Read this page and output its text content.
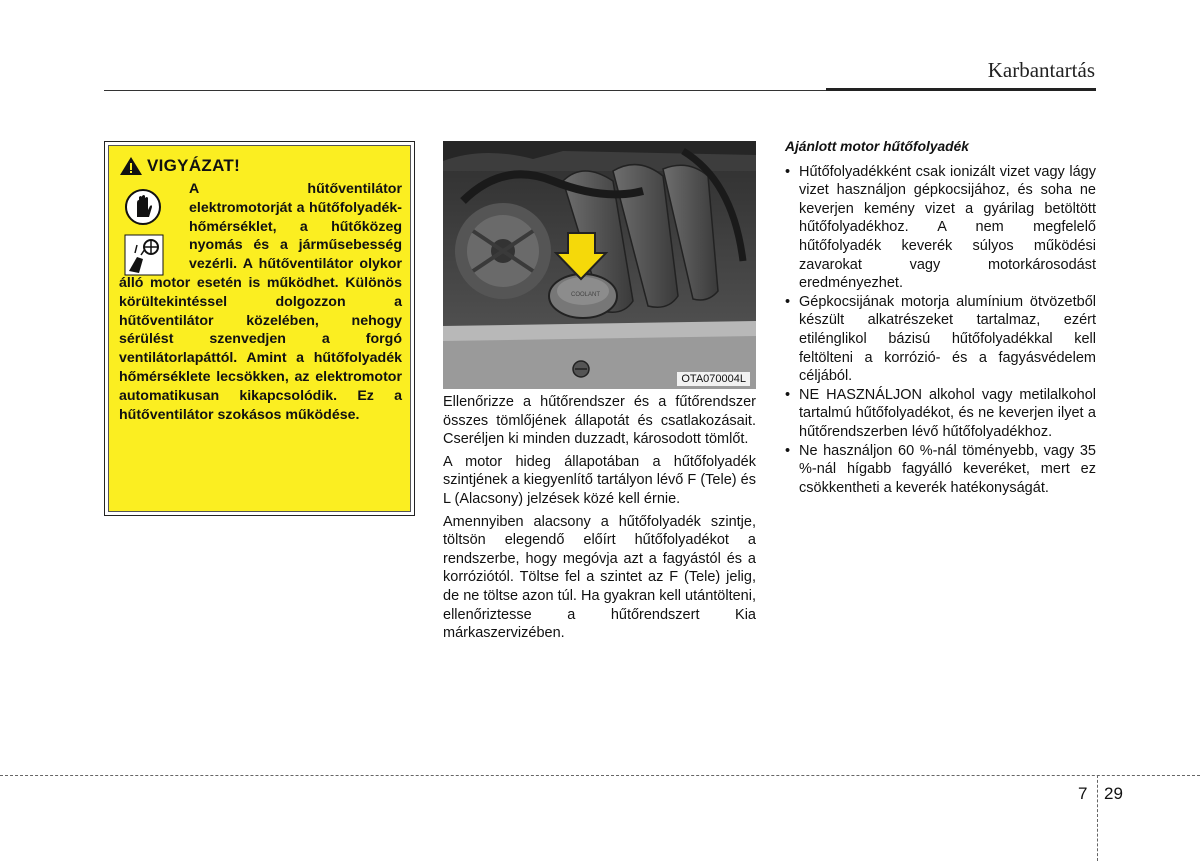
Karbantartás
VIGYÁZAT!

A hűtőventilátor elektromotorját a hűtőfolyadék-hőmérséklet, a hűtőközeg nyomás és a járműsebesség vezérli. A hűtőventilátor olykor álló motor esetén is működhet. Különös körültekintéssel dolgozzon a hűtőventilátor közelében, nehogy sérülést szenvedjen a forgó ventilátorlapáttól. Amint a hűtőfolyadék hőmérséklete lecsökken, az elektromotor automatikusan kikapcsolódik. Ez a hűtőventilátor szokásos működése.

COOLANT
OTA070004L

Ellenőrizze a hűtőrendszer és a fűtőrendszer összes tömlőjének állapotát és csatlakozásait. Cseréljen ki minden duzzadt, károsodott tömlőt.

A motor hideg állapotában a hűtőfolyadék szintjének a kiegyenlítő tartályon lévő F (Tele) és L (Alacsony) jelzések közé kell érnie.

Amennyiben alacsony a hűtőfolyadék szintje, töltsön elegendő előírt hűtőfolyadékot a rendszerbe, hogy megóvja azt a fagyástól és a korróziótól. Töltse fel a szintet az F (Tele) jelig, de ne töltse azon túl. Ha gyakran kell utántölteni, ellenőriztesse a hűtőrendszert Kia márkaszervizében.

Ajánlott motor hűtőfolyadék

• Hűtőfolyadékként csak ionizált vizet vagy lágy vizet használjon gépkocsijához, és soha ne keverjen kemény vizet a gyárilag betöltött hűtőfolyadékhoz. A nem megfelelő hűtőfolyadék keverék súlyos működési zavarokat vagy motorkárosodást eredményezhet.
• Gépkocsijának motorja alumínium ötvözetből készült alkatrészeket tartalmaz, ezért etilénglikol bázisú hűtőfolyadékkal kell feltölteni a korrózió- és a fagyásvédelem céljából.
• NE HASZNÁLJON alkohol vagy metilalkohol tartalmú hűtőfolyadékot, és ne keverjen ilyet a hűtőrendszerben lévő hűtőfolyadékhoz.
• Ne használjon 60 %-nál töményebb, vagy 35 %-nál hígabb fagyálló keveréket, mert ez csökkentheti a keverék hatékonyságát.
7 29
